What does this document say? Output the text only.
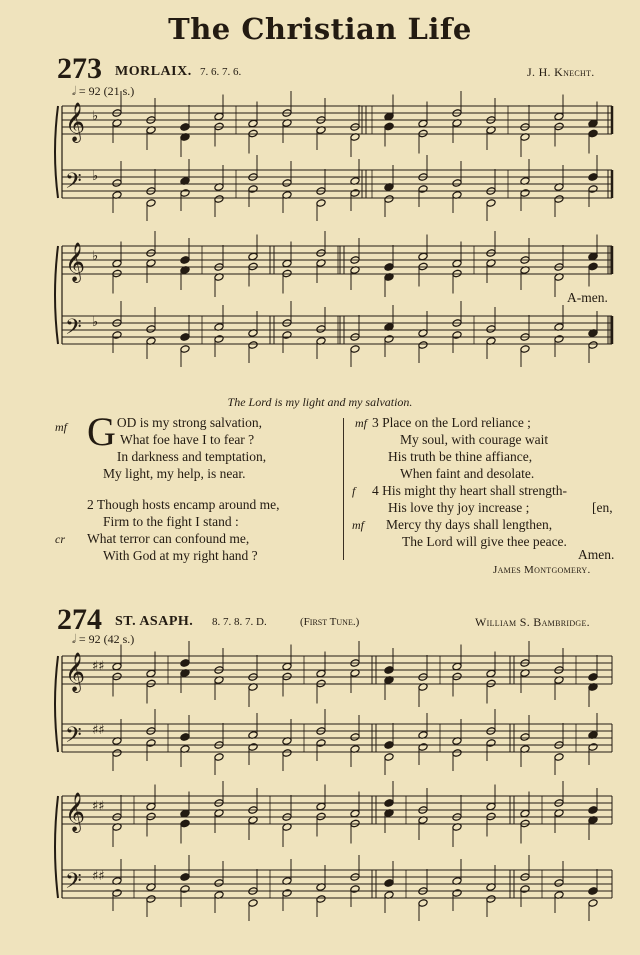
The Christian Life
273 MORLAIX. 7. 6. 7. 6.	J. H. Knecht.
𝅗𝅥 = 92 (21 s.)
274 ST. ASAPH. 8. 7. 8. 7. D.	(First Tune.)	William S. Bambridge.
𝅗𝅥 = 92 (42 s.)
A-men.
The Lord is my light and my salvation.
mf GOD is my strong salvation,
What foe have I to fear ?
In darkness and temptation,
My light, my help, is near.
2 Though hosts encamp around me,
Firm to the fight I stand :
cr What terror can confound me,
With God at my right hand ?
mf 3 Place on the Lord reliance ;
My soul, with courage wait
His truth be thine affiance,
When faint and desolate.
f 4 His might thy heart shall strength-
His love thy joy increase ;	[en,
mf Mercy thy days shall lengthen,
The Lord will give thee peace.
Amen.
James Montgomery.
𝄞
𝄢
♭
♭
𝄞
𝄢
♭
♭
𝄞
𝄢
♯♯
♯♯
𝄞
𝄢
♯♯
♯♯
